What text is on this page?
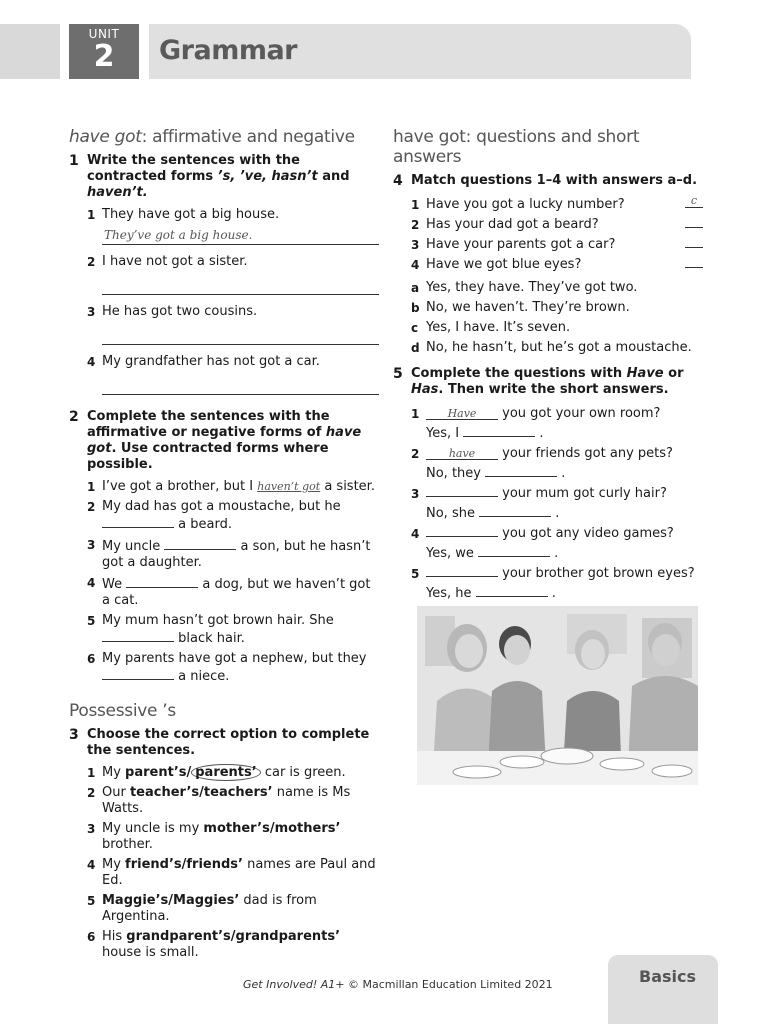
UNIT
2	Grammar
have got: affirmative and negative
1 Write the sentences with the contracted forms ’s, ’ve, hasn’t and haven’t.
1 They have got a big house.
They’ve got a big house.
2 I have not got a sister.
3 He has got two cousins.
4 My grandfather has not got a car.
2 Complete the sentences with the affirmative or negative forms of have got. Use contracted forms where possible.
1 I’ve got a brother, but I haven’t got a sister.
2 My dad has got a moustache, but he  a beard.
3 My uncle	a son, but he hasn’t got a daughter.
4 We	a dog, but we haven’t got a cat.
5 My mum hasn’t got brown hair. She  black hair.
6 My parents have got a nephew, but they  a niece.
Possessive ’s
3 Choose the correct option to complete the sentences.
1 My parent’s/ parents’ car is green.
2 Our teacher’s/teachers’ name is Ms Watts.
3 My uncle is my mother’s/mothers’ brother.
4 My friend’s/friends’ names are Paul and Ed.
5 Maggie’s/Maggies’ dad is from Argentina.
6 His grandparent’s/grandparents’ house is small.
have got: questions and short answers
4 Match questions 1–4 with answers a–d.
1 Have you got a lucky number?	c
2 Has your dad got a beard?
3 Have your parents got a car?
4 Have we got blue eyes?
a Yes, they have. They’ve got two.
b No, we haven’t. They’re brown.
c Yes, I have. It’s seven.
d No, he hasn’t, but he’s got a moustache.
5 Complete the questions with Have or Has. Then write the short answers.
1	Have you got your own room?
Yes, I	.
2	have your friends got any pets?
No, they	.
3	your mum got curly hair?
No, she	.
4	you got any video games?
Yes, we	.
5	your brother got brown eyes?
Yes, he	.
Get Involved! A1+ © Macmillan Education Limited 2021	Basics
